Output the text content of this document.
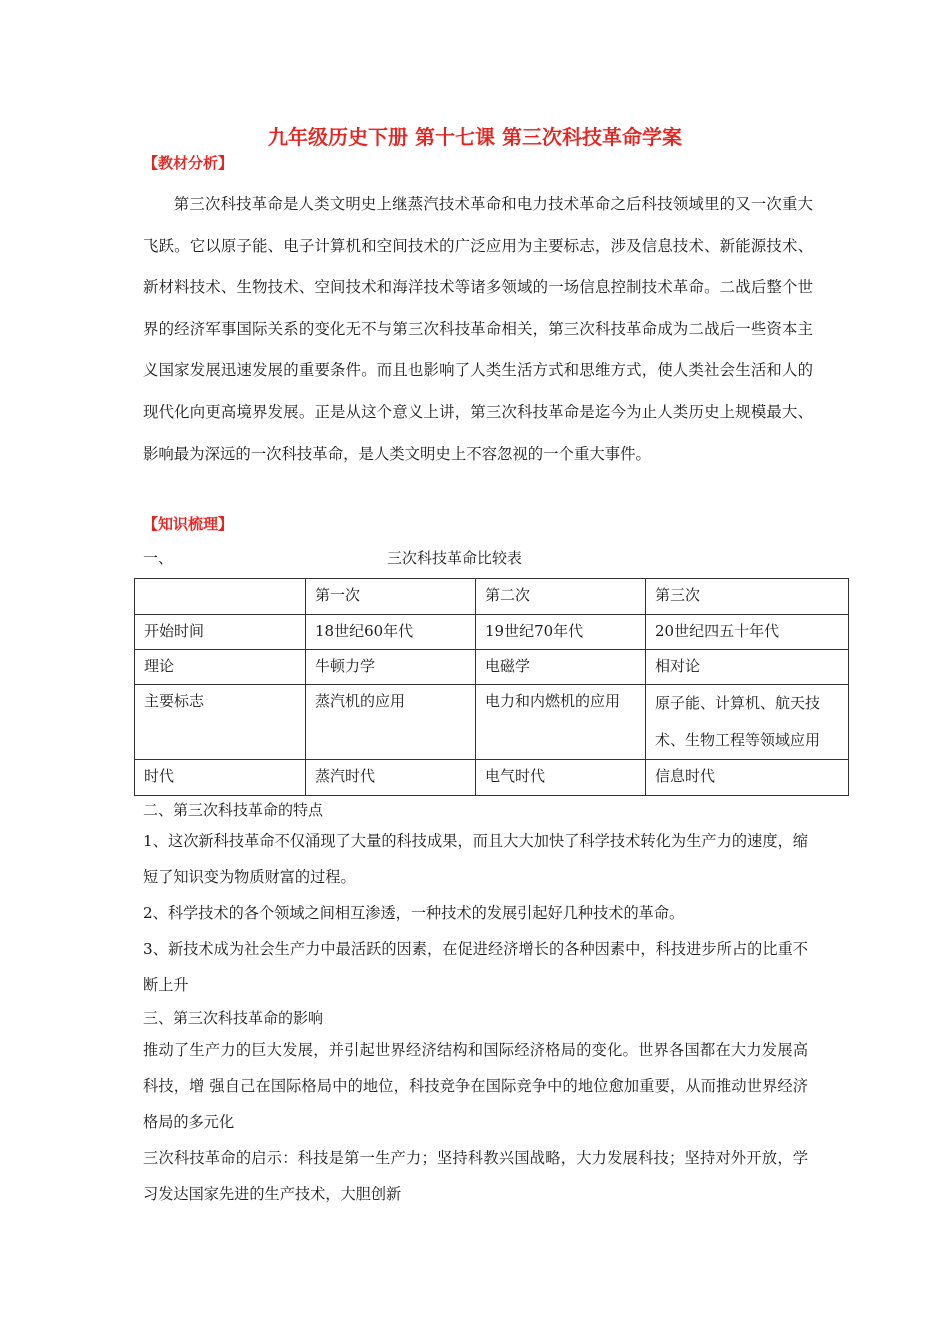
九年级历史下册 第十七课 第三次科技革命学案
【教材分析】

第三次科技革命是人类文明史上继蒸汽技术革命和电力技术革命之后科技领域里的又一次重大飞跃。它以原子能、电子计算机和空间技术的广泛应用为主要标志，涉及信息技术、新能源技术、新材料技术、生物技术、空间技术和海洋技术等诸多领域的一场信息控制技术革命。二战后整个世界的经济军事国际关系的变化无不与第三次科技革命相关，第三次科技革命成为二战后一些资本主义国家发展迅速发展的重要条件。而且也影响了人类生活方式和思维方式，使人类社会生活和人的现代化向更高境界发展。正是从这个意义上讲，第三次科技革命是迄今为止人类历史上规模最大、影响最为深远的一次科技革命，是人类文明史上不容忽视的一个重大事件。

【知识梳理】
一、	三次科技革命比较表

	第一次	第二次	第三次

开始时间	18世纪60年代	19世纪70年代	20世纪四五十年代

理论	牛顿力学	电磁学	相对论

主要标志	蒸汽机的应用	电力和内燃机的应用	原子能、计算机、航天技术、生物工程等领域应用

时代	蒸汽时代	电气时代	信息时代
二、第三次科技革命的特点

1、这次新科技革命不仅涌现了大量的科技成果，而且大大加快了科学技术转化为生产力的速度，缩短了知识变为物质财富的过程。

2、科学技术的各个领域之间相互渗透，一种技术的发展引起好几种技术的革命。

3、新技术成为社会生产力中最活跃的因素，在促进经济增长的各种因素中，科技进步所占的比重不断上升

三、第三次科技革命的影响

推动了生产力的巨大发展，并引起世界经济结构和国际经济格局的变化。世界各国都在大力发展高科技，增 强自己在国际格局中的地位，科技竞争在国际竞争中的地位愈加重要，从而推动世界经济格局的多元化

三次科技革命的启示：科技是第一生产力；坚持科教兴国战略，大力发展科技；坚持对外开放，学习发达国家先进的生产技术，大胆创新
